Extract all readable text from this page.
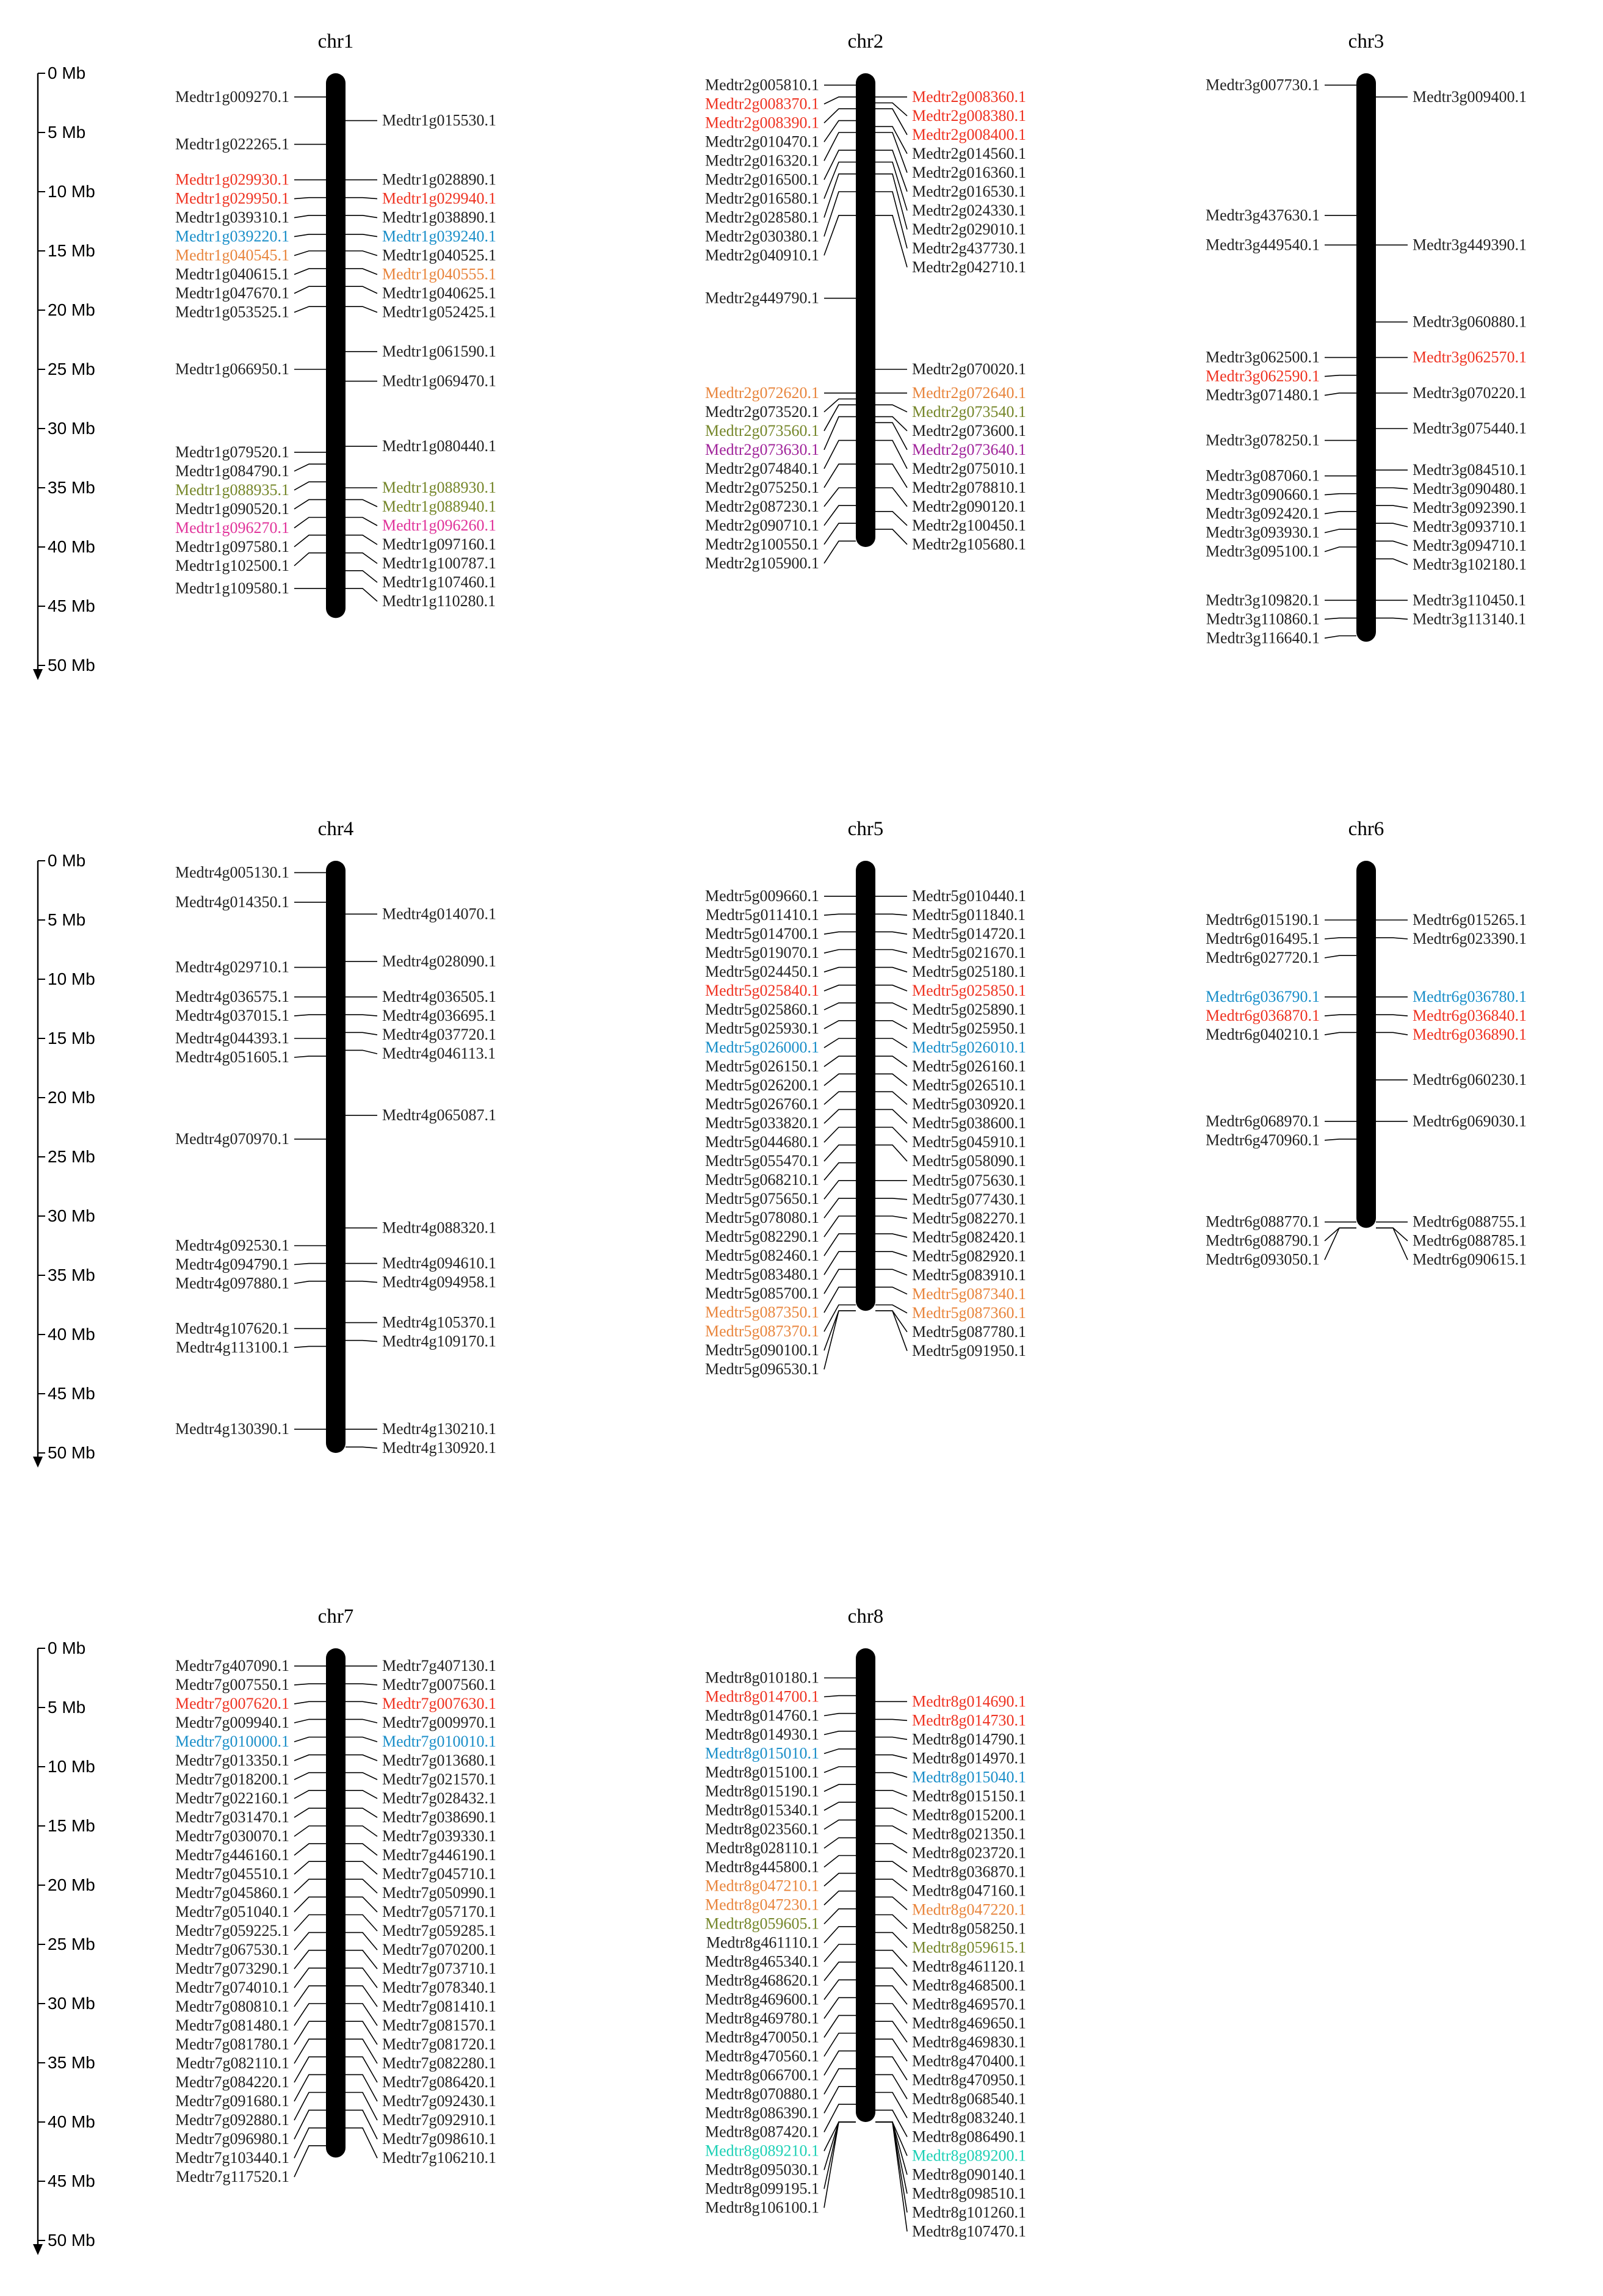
0 Mb
5 Mb
10 Mb
15 Mb
20 Mb
25 Mb
30 Mb
35 Mb
40 Mb
45 Mb
50 Mb
0 Mb
5 Mb
10 Mb
15 Mb
20 Mb
25 Mb
30 Mb
35 Mb
40 Mb
45 Mb
50 Mb
0 Mb
5 Mb
10 Mb
15 Mb
20 Mb
25 Mb
30 Mb
35 Mb
40 Mb
45 Mb
50 Mb
chr1
Medtr1g009270.1
Medtr1g022265.1
Medtr1g029930.1
Medtr1g029950.1
Medtr1g039310.1
Medtr1g039220.1
Medtr1g040545.1
Medtr1g040615.1
Medtr1g047670.1
Medtr1g053525.1
Medtr1g066950.1
Medtr1g079520.1
Medtr1g084790.1
Medtr1g088935.1
Medtr1g090520.1
Medtr1g096270.1
Medtr1g097580.1
Medtr1g102500.1
Medtr1g109580.1
Medtr1g015530.1
Medtr1g028890.1
Medtr1g029940.1
Medtr1g038890.1
Medtr1g039240.1
Medtr1g040525.1
Medtr1g040555.1
Medtr1g040625.1
Medtr1g052425.1
Medtr1g061590.1
Medtr1g069470.1
Medtr1g080440.1
Medtr1g088930.1
Medtr1g088940.1
Medtr1g096260.1
Medtr1g097160.1
Medtr1g100787.1
Medtr1g107460.1
Medtr1g110280.1
chr2
Medtr2g005810.1
Medtr2g008370.1
Medtr2g008390.1
Medtr2g010470.1
Medtr2g016320.1
Medtr2g016500.1
Medtr2g016580.1
Medtr2g028580.1
Medtr2g030380.1
Medtr2g040910.1
Medtr2g449790.1
Medtr2g072620.1
Medtr2g073520.1
Medtr2g073560.1
Medtr2g073630.1
Medtr2g074840.1
Medtr2g075250.1
Medtr2g087230.1
Medtr2g090710.1
Medtr2g100550.1
Medtr2g105900.1
Medtr2g008360.1
Medtr2g008380.1
Medtr2g008400.1
Medtr2g014560.1
Medtr2g016360.1
Medtr2g016530.1
Medtr2g024330.1
Medtr2g029010.1
Medtr2g437730.1
Medtr2g042710.1
Medtr2g070020.1
Medtr2g072640.1
Medtr2g073540.1
Medtr2g073600.1
Medtr2g073640.1
Medtr2g075010.1
Medtr2g078810.1
Medtr2g090120.1
Medtr2g100450.1
Medtr2g105680.1
chr3
Medtr3g007730.1
Medtr3g437630.1
Medtr3g449540.1
Medtr3g062500.1
Medtr3g062590.1
Medtr3g071480.1
Medtr3g078250.1
Medtr3g087060.1
Medtr3g090660.1
Medtr3g092420.1
Medtr3g093930.1
Medtr3g095100.1
Medtr3g109820.1
Medtr3g110860.1
Medtr3g116640.1
Medtr3g009400.1
Medtr3g449390.1
Medtr3g060880.1
Medtr3g062570.1
Medtr3g070220.1
Medtr3g075440.1
Medtr3g084510.1
Medtr3g090480.1
Medtr3g092390.1
Medtr3g093710.1
Medtr3g094710.1
Medtr3g102180.1
Medtr3g110450.1
Medtr3g113140.1
chr4
Medtr4g005130.1
Medtr4g014350.1
Medtr4g029710.1
Medtr4g036575.1
Medtr4g037015.1
Medtr4g044393.1
Medtr4g051605.1
Medtr4g070970.1
Medtr4g092530.1
Medtr4g094790.1
Medtr4g097880.1
Medtr4g107620.1
Medtr4g113100.1
Medtr4g130390.1
Medtr4g014070.1
Medtr4g028090.1
Medtr4g036505.1
Medtr4g036695.1
Medtr4g037720.1
Medtr4g046113.1
Medtr4g065087.1
Medtr4g088320.1
Medtr4g094610.1
Medtr4g094958.1
Medtr4g105370.1
Medtr4g109170.1
Medtr4g130210.1
Medtr4g130920.1
chr5
Medtr5g009660.1
Medtr5g011410.1
Medtr5g014700.1
Medtr5g019070.1
Medtr5g024450.1
Medtr5g025840.1
Medtr5g025860.1
Medtr5g025930.1
Medtr5g026000.1
Medtr5g026150.1
Medtr5g026200.1
Medtr5g026760.1
Medtr5g033820.1
Medtr5g044680.1
Medtr5g055470.1
Medtr5g068210.1
Medtr5g075650.1
Medtr5g078080.1
Medtr5g082290.1
Medtr5g082460.1
Medtr5g083480.1
Medtr5g085700.1
Medtr5g087350.1
Medtr5g087370.1
Medtr5g090100.1
Medtr5g096530.1
Medtr5g010440.1
Medtr5g011840.1
Medtr5g014720.1
Medtr5g021670.1
Medtr5g025180.1
Medtr5g025850.1
Medtr5g025890.1
Medtr5g025950.1
Medtr5g026010.1
Medtr5g026160.1
Medtr5g026510.1
Medtr5g030920.1
Medtr5g038600.1
Medtr5g045910.1
Medtr5g058090.1
Medtr5g075630.1
Medtr5g077430.1
Medtr5g082270.1
Medtr5g082420.1
Medtr5g082920.1
Medtr5g083910.1
Medtr5g087340.1
Medtr5g087360.1
Medtr5g087780.1
Medtr5g091950.1
chr6
Medtr6g015190.1
Medtr6g016495.1
Medtr6g027720.1
Medtr6g036790.1
Medtr6g036870.1
Medtr6g040210.1
Medtr6g068970.1
Medtr6g470960.1
Medtr6g088770.1
Medtr6g088790.1
Medtr6g093050.1
Medtr6g015265.1
Medtr6g023390.1
Medtr6g036780.1
Medtr6g036840.1
Medtr6g036890.1
Medtr6g060230.1
Medtr6g069030.1
Medtr6g088755.1
Medtr6g088785.1
Medtr6g090615.1
chr7
Medtr7g407090.1
Medtr7g007550.1
Medtr7g007620.1
Medtr7g009940.1
Medtr7g010000.1
Medtr7g013350.1
Medtr7g018200.1
Medtr7g022160.1
Medtr7g031470.1
Medtr7g030070.1
Medtr7g446160.1
Medtr7g045510.1
Medtr7g045860.1
Medtr7g051040.1
Medtr7g059225.1
Medtr7g067530.1
Medtr7g073290.1
Medtr7g074010.1
Medtr7g080810.1
Medtr7g081480.1
Medtr7g081780.1
Medtr7g082110.1
Medtr7g084220.1
Medtr7g091680.1
Medtr7g092880.1
Medtr7g096980.1
Medtr7g103440.1
Medtr7g117520.1
Medtr7g407130.1
Medtr7g007560.1
Medtr7g007630.1
Medtr7g009970.1
Medtr7g010010.1
Medtr7g013680.1
Medtr7g021570.1
Medtr7g028432.1
Medtr7g038690.1
Medtr7g039330.1
Medtr7g446190.1
Medtr7g045710.1
Medtr7g050990.1
Medtr7g057170.1
Medtr7g059285.1
Medtr7g070200.1
Medtr7g073710.1
Medtr7g078340.1
Medtr7g081410.1
Medtr7g081570.1
Medtr7g081720.1
Medtr7g082280.1
Medtr7g086420.1
Medtr7g092430.1
Medtr7g092910.1
Medtr7g098610.1
Medtr7g106210.1
chr8
Medtr8g010180.1
Medtr8g014700.1
Medtr8g014760.1
Medtr8g014930.1
Medtr8g015010.1
Medtr8g015100.1
Medtr8g015190.1
Medtr8g015340.1
Medtr8g023560.1
Medtr8g028110.1
Medtr8g445800.1
Medtr8g047210.1
Medtr8g047230.1
Medtr8g059605.1
Medtr8g461110.1
Medtr8g465340.1
Medtr8g468620.1
Medtr8g469600.1
Medtr8g469780.1
Medtr8g470050.1
Medtr8g470560.1
Medtr8g066700.1
Medtr8g070880.1
Medtr8g086390.1
Medtr8g087420.1
Medtr8g089210.1
Medtr8g095030.1
Medtr8g099195.1
Medtr8g106100.1
Medtr8g014690.1
Medtr8g014730.1
Medtr8g014790.1
Medtr8g014970.1
Medtr8g015040.1
Medtr8g015150.1
Medtr8g015200.1
Medtr8g021350.1
Medtr8g023720.1
Medtr8g036870.1
Medtr8g047160.1
Medtr8g047220.1
Medtr8g058250.1
Medtr8g059615.1
Medtr8g461120.1
Medtr8g468500.1
Medtr8g469570.1
Medtr8g469650.1
Medtr8g469830.1
Medtr8g470400.1
Medtr8g470950.1
Medtr8g068540.1
Medtr8g083240.1
Medtr8g086490.1
Medtr8g089200.1
Medtr8g090140.1
Medtr8g098510.1
Medtr8g101260.1
Medtr8g107470.1
